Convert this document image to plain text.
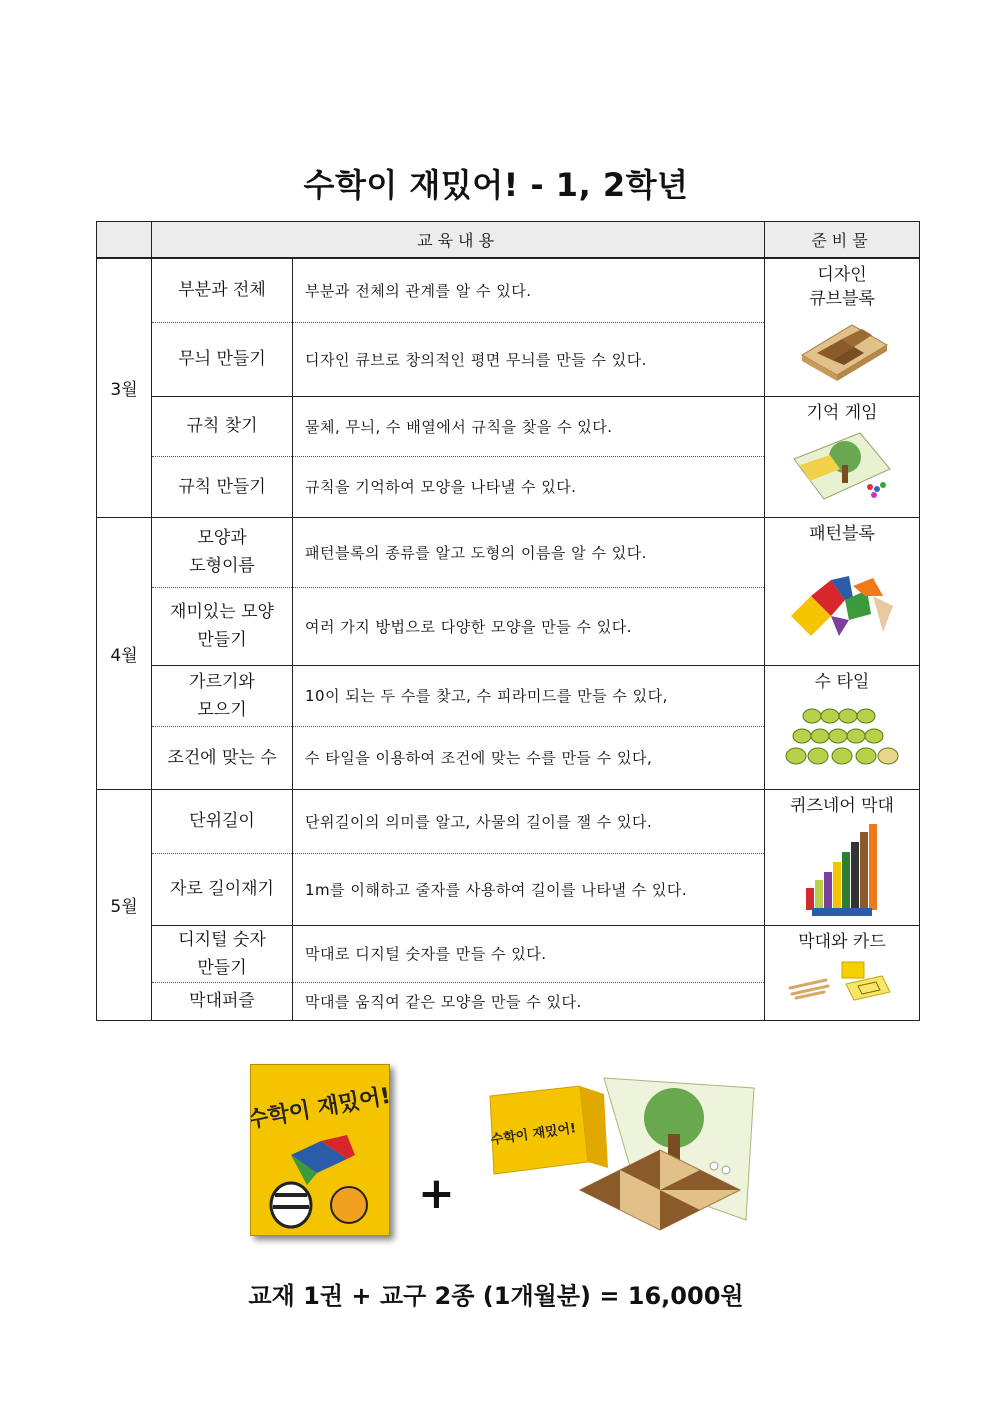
수학이 재밌어! - 1, 2학년
	교육내용		준비물
3월	부분과 전체	부분과 전체의 관계를 알 수 있다.	디자인
큐브블록

	무늬 만들기	디자인 큐브로 창의적인 평면 무늬를 만들 수 있다.	
	규칙 찾기	물체, 무늬, 수 배열에서 규칙을 찾을 수 있다.	기억 게임

	규칙 만들기	규칙을 기억하여 모양을 나타낼 수 있다.	
4월	모양과
도형이름	패턴블록의 종류를 알고 도형의 이름을 알 수 있다.	패턴블록

	재미있는 모양
만들기	여러 가지 방법으로 다양한 모양을 만들 수 있다.	
	가르기와
모으기	10이 되는 두 수를 찾고, 수 피라미드를 만들 수 있다,	수 타일

	조건에 맞는 수	수 타일을 이용하여 조건에 맞는 수를 만들 수 있다,	
5월	단위길이	단위길이의 의미를 알고, 사물의 길이를 잴 수 있다.	퀴즈네어 막대

	자로 길이재기	1m를 이해하고 줄자를 사용하여 길이를 나타낼 수 있다.	
	디지털 숫자
만들기	막대로 디지털 숫자를 만들 수 있다.	막대와 카드

	막대퍼즐	막대를 움직여 같은 모양을 만들 수 있다.	
수학이 재밌어!
+
수학이 재밌어!
교재 1권 + 교구 2종 (1개월분) = 16,000원
